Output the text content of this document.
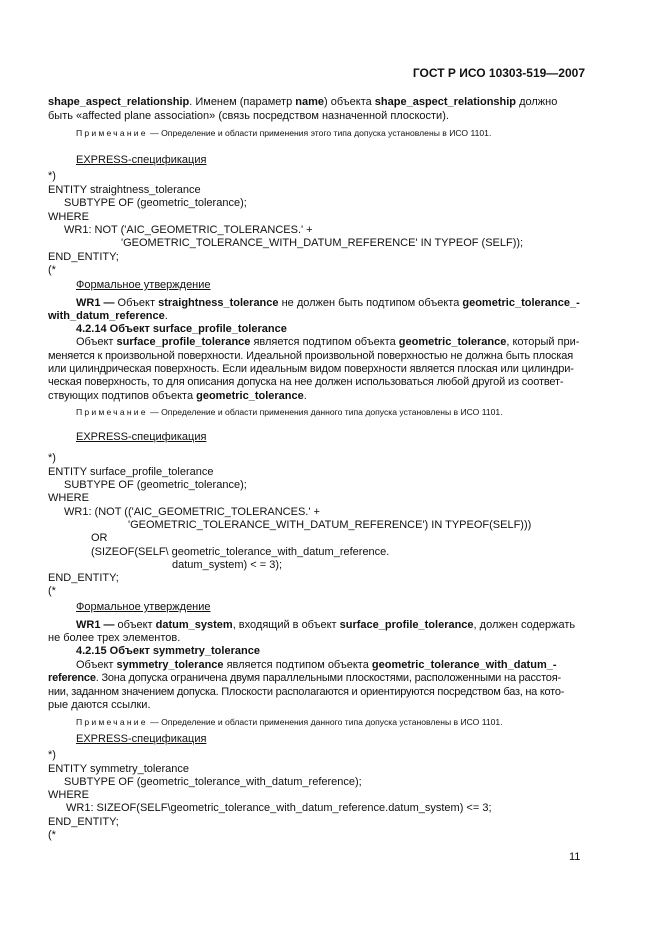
ГОСТ Р ИСО 10303-519—2007
shape_aspect_relationship. Именем (параметр name) объекта shape_aspect_relationship должно
быть «affected plane association» (связь посредством назначенной плоскости).
Примечание — Определение и области применения этого типа допуска установлены в ИСО 1101.
EXPRESS-спецификация
*)
ENTITY straightness_tolerance
SUBTYPE OF (geometric_tolerance);
WHERE
WR1: NOT ('AIC_GEOMETRIC_TOLERANCES.' +
'GEOMETRIC_TOLERANCE_WITH_DATUM_REFERENCE' IN TYPEOF (SELF));
END_ENTITY;
(*
Формальное утверждение
WR1 — Объект straightness_tolerance не должен быть подтипом объекта geometric_tolerance_-
with_datum_reference.
4.2.14 Объект surface_profile_tolerance
Объект surface_profile_tolerance является подтипом объекта geometric_tolerance, который при-
меняется к произвольной поверхности. Идеальной произвольной поверхностью не должна быть плоская
или цилиндрическая поверхность. Если идеальным видом поверхности является плоская или цилиндри-
ческая поверхность, то для описания допуска на нее должен использоваться любой другой из соответ-
ствующих подтипов объекта geometric_tolerance.
Примечание — Определение и области применения данного типа допуска установлены в ИСО 1101.
EXPRESS-спецификация
*)
ENTITY surface_profile_tolerance
SUBTYPE OF (geometric_tolerance);
WHERE
WR1: (NOT (('AIC_GEOMETRIC_TOLERANCES.' +
'GEOMETRIC_TOLERANCE_WITH_DATUM_REFERENCE') IN TYPEOF(SELF)))
OR
(SIZEOF(SELF\ geometric_tolerance_with_datum_reference.
datum_system) < = 3);
END_ENTITY;
(*
Формальное утверждение
WR1 — объект datum_system, входящий в объект surface_profile_tolerance, должен содержать
не более трех элементов.
4.2.15 Объект symmetry_tolerance
Объект symmetry_tolerance является подтипом объекта geometric_tolerance_with_datum_-
reference. Зона допуска ограничена двумя параллельными плоскостями, расположенными на расстоя-
нии, заданном значением допуска. Плоскости располагаются и ориентируются посредством баз, на кото-
рые даются ссылки.
Примечание — Определение и области применения данного типа допуска установлены в ИСО 1101.
EXPRESS-спецификация
*)
ENTITY symmetry_tolerance
SUBTYPE OF (geometric_tolerance_with_datum_reference);
WHERE
WR1: SIZEOF(SELF\geometric_tolerance_with_datum_reference.datum_system) <= 3;
END_ENTITY;
(*
11
